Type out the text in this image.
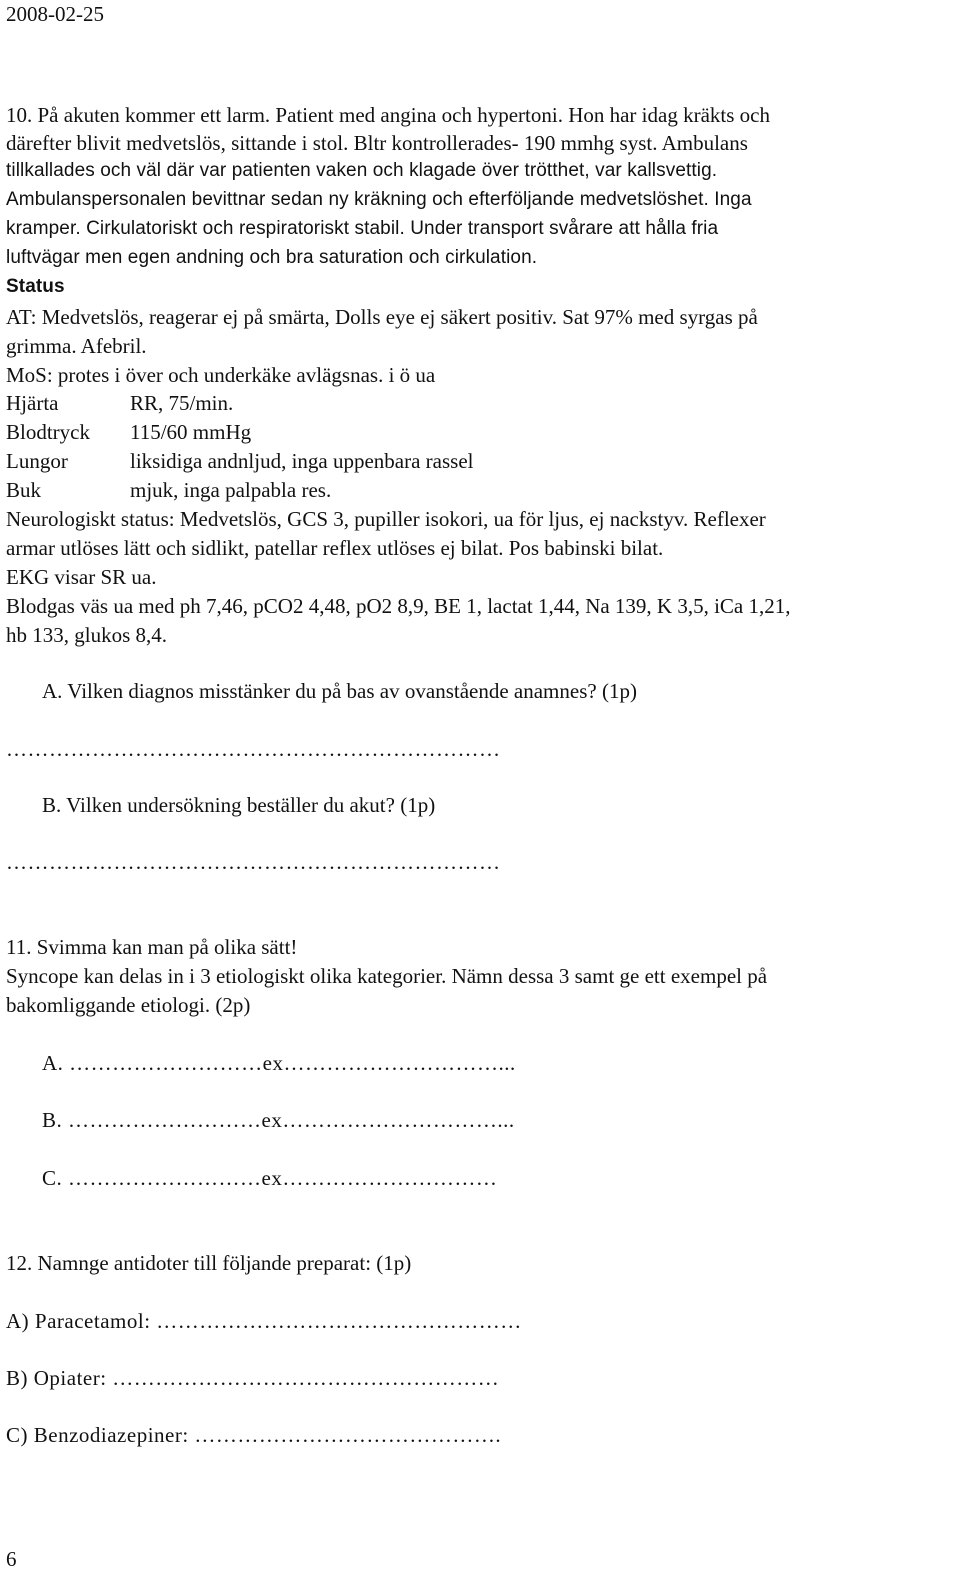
2008-02-25
10. På akuten kommer ett larm. Patient med angina och hypertoni. Hon har idag kräkts och
därefter blivit medvetslös, sittande i stol. Bltr kontrollerades- 190 mmhg syst. Ambulans
tillkallades och väl där var patienten vaken och klagade över trötthet, var kallsvettig.
Ambulanspersonalen bevittnar sedan ny kräkning och efterföljande medvetslöshet. Inga
kramper. Cirkulatoriskt och respiratoriskt stabil. Under transport svårare att hålla fria
luftvägar men egen andning och bra saturation och cirkulation.
Status
AT: Medvetslös, reagerar ej på smärta, Dolls eye ej säkert positiv. Sat 97% med syrgas på
grimma. Afebril.
MoS: protes i över och underkäke avlägsnas. i ö ua
Hjärta	RR, 75/min.
Blodtryck 115/60 mmHg
Lungor	liksidiga andnljud, inga uppenbara rassel
Buk	mjuk, inga palpabla res.
Neurologiskt status: Medvetslös, GCS 3, pupiller isokori, ua för ljus, ej nackstyv. Reflexer
armar utlöses lätt och sidlikt, patellar reflex utlöses ej bilat. Pos babinski bilat.
EKG visar SR ua.
Blodgas väs ua med ph 7,46, pCO2 4,48, pO2 8,9, BE 1, lactat 1,44, Na 139, K 3,5, iCa 1,21,
hb 133, glukos 8,4.
A. Vilken diagnos misstänker du på bas av ovanstående anamnes? (1p)
……………………………………………………………
B. Vilken undersökning beställer du akut? (1p)
……………………………………………………………
11. Svimma kan man på olika sätt!
Syncope kan delas in i 3 etiologiskt olika kategorier. Nämn dessa 3 samt ge ett exempel på
bakomliggande etiologi. (2p)
A. ………………………ex…………………………...
B. ………………………ex…………………………...
C. ………………………ex…………………………
12. Namnge antidoter till följande preparat: (1p)
A) Paracetamol: ……………………………………………
B) Opiater: ………………………………………………
C) Benzodiazepiner: …………………………………….
6
